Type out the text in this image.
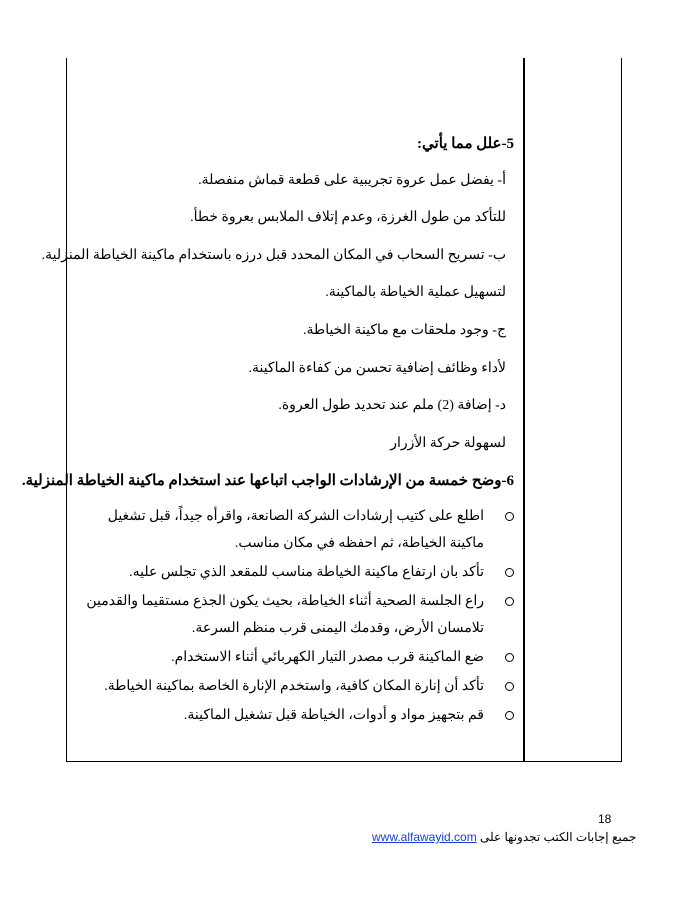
5-علل مما يأتي:
أ- يفضل عمل عروة تجريبية على قطعة قماش منفصلة.
للتأكد من طول الغرزة، وعدم إتلاف الملابس بعروة خطأ.
ب- تسريح السحاب في المكان المحدد قبل درزه باستخدام ماكينة الخياطة المنزلية.
لتسهيل عملية الخياطة بالماكينة.
ج- وجود ملحقات مع ماكينة الخياطة.
لأداء وظائف إضافية تحسن من كفاءة الماكينة.
د- إضافة (2) ملم عند تحديد طول العروة.
لسهولة حركة الأزرار
6-وضح خمسة من الإرشادات الواجب اتباعها عند استخدام ماكينة الخياطة المنزلية.
اطلع على كتيب إرشادات الشركة الصانعة، واقرأه جيداً، قبل تشغيل ماكينة الخياطة، ثم احفظه في مكان مناسب.
تأكد بان ارتفاع ماكينة الخياطة مناسب للمقعد الذي تجلس عليه.
راع الجلسة الصحية أثناء الخياطة، بحيث يكون الجذع مستقيما والقدمين تلامسان الأرض، وقدمك اليمنى قرب منظم السرعة.
ضع الماكينة قرب مصدر التيار الكهربائي أثناء الاستخدام.
تأكد أن إنارة المكان كافية، واستخدم الإنارة الخاصة بماكينة الخياطة.
قم بتجهيز مواد و أدوات، الخياطة قبل تشغيل الماكينة.
18
جميع إجابات الكتب تجدونها على www.alfawayid.com
